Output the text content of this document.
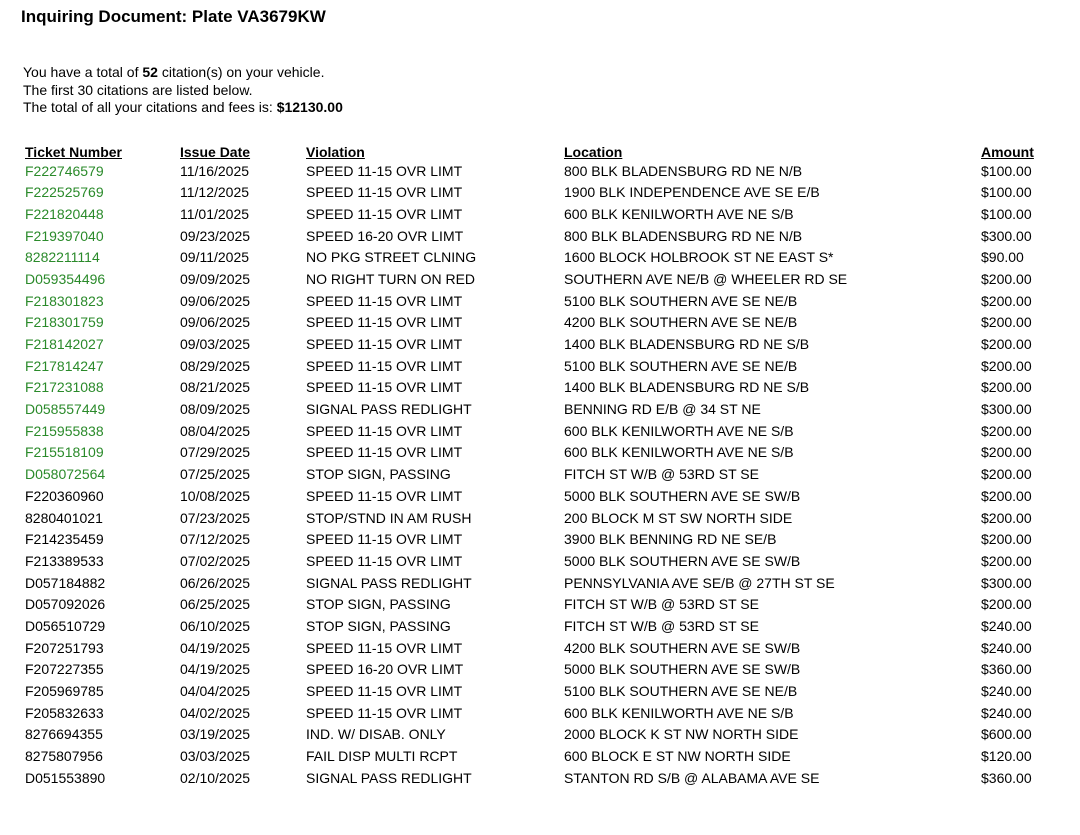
Inquiring Document: Plate VA3679KW
You have a total of 52 citation(s) on your vehicle.
The first 30 citations are listed below.
The total of all your citations and fees is: $12130.00
Ticket Number	Issue Date	Violation	Location	Amount
F222746579	11/16/2025	SPEED 11-15 OVR LIMT	800 BLK BLADENSBURG RD NE N/B	$100.00
F222525769	11/12/2025	SPEED 11-15 OVR LIMT	1900 BLK INDEPENDENCE AVE SE E/B	$100.00
F221820448	11/01/2025	SPEED 11-15 OVR LIMT	600 BLK KENILWORTH AVE NE S/B	$100.00
F219397040	09/23/2025	SPEED 16-20 OVR LIMT	800 BLK BLADENSBURG RD NE N/B	$300.00
8282211114	09/11/2025	NO PKG STREET CLNING	1600 BLOCK HOLBROOK ST NE EAST S*	$90.00
D059354496	09/09/2025	NO RIGHT TURN ON RED	SOUTHERN AVE NE/B @ WHEELER RD SE	$200.00
F218301823	09/06/2025	SPEED 11-15 OVR LIMT	5100 BLK SOUTHERN AVE SE NE/B	$200.00
F218301759	09/06/2025	SPEED 11-15 OVR LIMT	4200 BLK SOUTHERN AVE SE NE/B	$200.00
F218142027	09/03/2025	SPEED 11-15 OVR LIMT	1400 BLK BLADENSBURG RD NE S/B	$200.00
F217814247	08/29/2025	SPEED 11-15 OVR LIMT	5100 BLK SOUTHERN AVE SE NE/B	$200.00
F217231088	08/21/2025	SPEED 11-15 OVR LIMT	1400 BLK BLADENSBURG RD NE S/B	$200.00
D058557449	08/09/2025	SIGNAL PASS REDLIGHT	BENNING RD E/B @ 34 ST NE	$300.00
F215955838	08/04/2025	SPEED 11-15 OVR LIMT	600 BLK KENILWORTH AVE NE S/B	$200.00
F215518109	07/29/2025	SPEED 11-15 OVR LIMT	600 BLK KENILWORTH AVE NE S/B	$200.00
D058072564	07/25/2025	STOP SIGN, PASSING	FITCH ST W/B @ 53RD ST SE	$200.00
F220360960	10/08/2025	SPEED 11-15 OVR LIMT	5000 BLK SOUTHERN AVE SE SW/B	$200.00
8280401021	07/23/2025	STOP/STND IN AM RUSH	200 BLOCK M ST SW NORTH SIDE	$200.00
F214235459	07/12/2025	SPEED 11-15 OVR LIMT	3900 BLK BENNING RD NE SE/B	$200.00
F213389533	07/02/2025	SPEED 11-15 OVR LIMT	5000 BLK SOUTHERN AVE SE SW/B	$200.00
D057184882	06/26/2025	SIGNAL PASS REDLIGHT	PENNSYLVANIA AVE SE/B @ 27TH ST SE	$300.00
D057092026	06/25/2025	STOP SIGN, PASSING	FITCH ST W/B @ 53RD ST SE	$200.00
D056510729	06/10/2025	STOP SIGN, PASSING	FITCH ST W/B @ 53RD ST SE	$240.00
F207251793	04/19/2025	SPEED 11-15 OVR LIMT	4200 BLK SOUTHERN AVE SE SW/B	$240.00
F207227355	04/19/2025	SPEED 16-20 OVR LIMT	5000 BLK SOUTHERN AVE SE SW/B	$360.00
F205969785	04/04/2025	SPEED 11-15 OVR LIMT	5100 BLK SOUTHERN AVE SE NE/B	$240.00
F205832633	04/02/2025	SPEED 11-15 OVR LIMT	600 BLK KENILWORTH AVE NE S/B	$240.00
8276694355	03/19/2025	IND. W/ DISAB. ONLY	2000 BLOCK K ST NW NORTH SIDE	$600.00
8275807956	03/03/2025	FAIL DISP MULTI RCPT	600 BLOCK E ST NW NORTH SIDE	$120.00
D051553890	02/10/2025	SIGNAL PASS REDLIGHT	STANTON RD S/B @ ALABAMA AVE SE	$360.00
